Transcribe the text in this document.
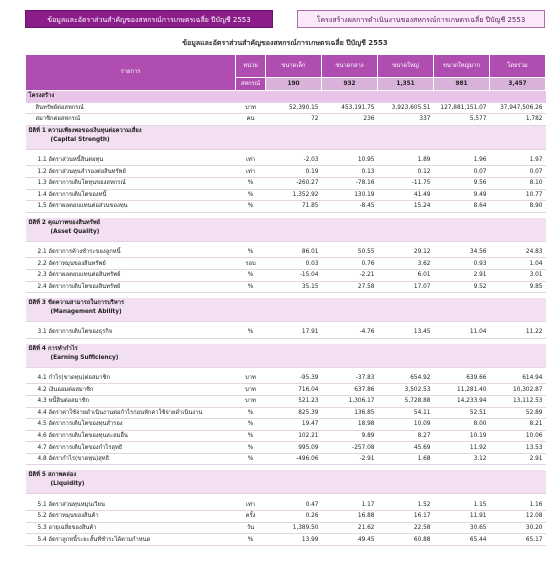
ข้อมูลและอัตราส่วนสำคัญของสหกรณ์การเกษตรเฉลี่ย ปีบัญชี 2553	โครงสร้างผลการดำเนินงานของสหกรณ์การเกษตรเฉลี่ย ปีบัญชี 2553
ข้อมูลและอัตราส่วนสำคัญของสหกรณ์การเกษตรเฉลี่ย ปีบัญชี 2553
รายการ	หน่วย	ขนาดเล็ก	ขนาดกลาง	ขนาดใหญ่	ขนาดใหญ่มาก	โดยรวม
	สหกรณ์	190	932	1,351	981	3,457
โครงสร้าง						
สินทรัพย์ต่อสหกรณ์	บาท	52,390.15	453,191.75	3,923,605.51	127,881,151.07	37,947,506.26
สมาชิกต่อสหกรณ์	คน	72	236	337	5,577	1,782

มิติที่ 1 ความเพียงพอของเงินทุนต่อความเสี่ยง
(Capital Strength)						

1.1 อัตราส่วนหนี้สินต่อทุน	เท่า	-2.03	10.95	1.89	1.96	1.97
1.2 อัตราส่วนทุนสำรองต่อสินทรัพย์	เท่า	0.19	0.13	0.12	0.07	0.07
1.3 อัตราการเติบโตทุนของสหกรณ์	%	-260.27	-78.16	-11.75	9.56	8.10
1.4 อัตราการเติบโตของหนี้	%	1,352.92	130.19	41.49	9.49	10.77
1.5 อัตราผลตอบแทนต่อส่วนของทุน	%	71.85	-8.45	15.24	8.64	8.90

มิติที่ 2 คุณภาพของสินทรัพย์
(Asset Quality)						

2.1 อัตราการค้างชำระของลูกหนี้	%	86.01	50.55	29.12	34.56	24.83
2.2 อัตราหมุนของสินทรัพย์	รอบ	0.03	0.76	3.62	0.93	1.04
2.3 อัตราผลตอบแทนต่อสินทรัพย์	%	-15.04	-2.21	6.01	2.91	3.01
2.4 อัตราการเติบโตของสินทรัพย์	%	35.15	27.58	17.07	9.52	9.85

มิติที่ 3 ขีดความสามารถในการบริหาร
(Management Ability)						

3.1 อัตราการเติบโตของธุรกิจ	%	17.91	-4.76	13.45	11.04	11.22

มิติที่ 4 การทำกำไร
(Earning Sufficiency)						

4.1 กำไร(ขาดทุน)ต่อสมาชิก	บาท	-95.39	-37.83	654.92	639.66	614.94
4.2 เงินออมต่อสมาชิก	บาท	716.04	637.86	3,502.53	11,281.40	10,302.87
4.3 หนี้สินต่อสมาชิก	บาท	521.23	1,306.17	5,728.88	14,233.94	13,112.53
4.4 อัตราค่าใช้จ่ายดำเนินงานต่อกำไรก่อนหักค่าใช้จ่ายดำเนินงาน	%	825.39	136.85	54.11	52.51	52.89
4.5 อัตราการเติบโตของทุนสำรอง	%	19.47	18.98	10.09	8.00	8.21
4.6 อัตราการเติบโตของทุนสะสมอื่น	%	102.21	9.89	8.27	10.19	10.06
4.7 อัตราการเติบโตของกำไรสุทธิ	%	995.09	-257.08	45.69	11.92	13.53
4.8 อัตรากำไร(ขาดทุน)สุทธิ	%	-496.06	-2.91	1.68	3.12	2.91

มิติที่ 5 สภาพคล่อง
(Liquidity)						

5.1 อัตราส่วนทุนหมุนเวียน	เท่า	0.47	1.17	1.52	1.15	1.16
5.2 อัตราหมุนของสินค้า	ครั้ง	0.26	16.88	16.17	11.91	12.08
5.3 อายุเฉลี่ยของสินค้า	วัน	1,389.50	21.62	22.58	30.65	30.20
5.4 อัตราลูกหนี้ระยะสั้นที่ชำระได้ตามกำหนด	%	13.99	49.45	60.88	65.44	65.17
